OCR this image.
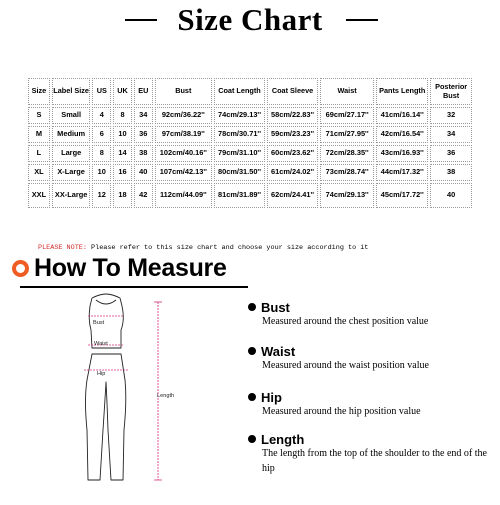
Size Chart
Size	Label Size	US	UK	EU	Bust	Coat Length	Coat Sleeve	Waist	Pants Length	Posterior Bust
S	Small	4	8	34	92cm/36.22''	74cm/29.13''	58cm/22.83''	69cm/27.17''	41cm/16.14''	32
M	Medium	6	10	36	97cm/38.19''	78cm/30.71''	59cm/23.23''	71cm/27.95''	42cm/16.54''	34
L	Large	8	14	38	102cm/40.16''	79cm/31.10''	60cm/23.62''	72cm/28.35''	43cm/16.93''	36
XL	X-Large	10	16	40	107cm/42.13''	80cm/31.50''	61cm/24.02''	73cm/28.74''	44cm/17.32''	38
XXL	XX-Large	12	18	42	112cm/44.09''	81cm/31.89''	62cm/24.41''	74cm/29.13''	45cm/17.72''	40
PLEASE NOTE: Please refer to this size chart and choose your size according to it
How To Measure
Bust
Waist
Hip
Length
Bust
Measured around the chest position value
Waist
Measured around the waist position value
Hip
Measured around the hip position value
Length
The length from the top of the shoulder to the end of the hip
